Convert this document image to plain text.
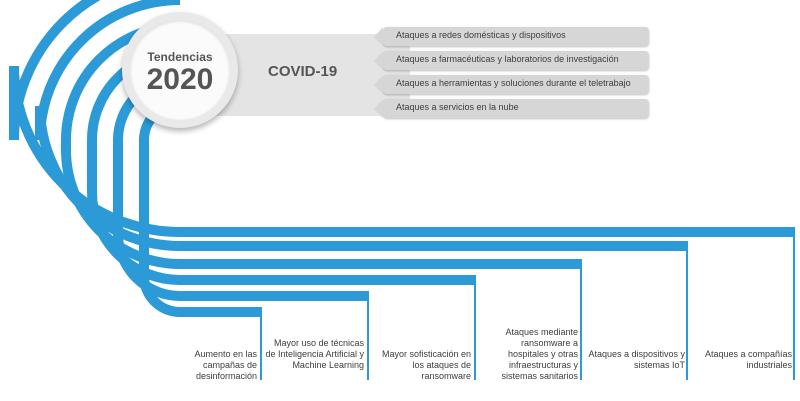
COVID-19
Ataques a redes domésticas y dispositivos
Ataques a farmacéuticas y laboratorios de investigación
Ataques a herramientas y soluciones durante el teletrabajo
Ataques a servicios en la nube
Tendencias
2020
Aumento en las campañas de desinformación
Mayor uso de técnicas de Inteligencia Artificial y Machine Learning
Mayor sofisticación en los ataques de ransomware
Ataques mediante ransomware a hospitales y otras infraestructuras y sistemas sanitarios
Ataques a dispositivos y sistemas IoT
Ataques a compañías industriales
